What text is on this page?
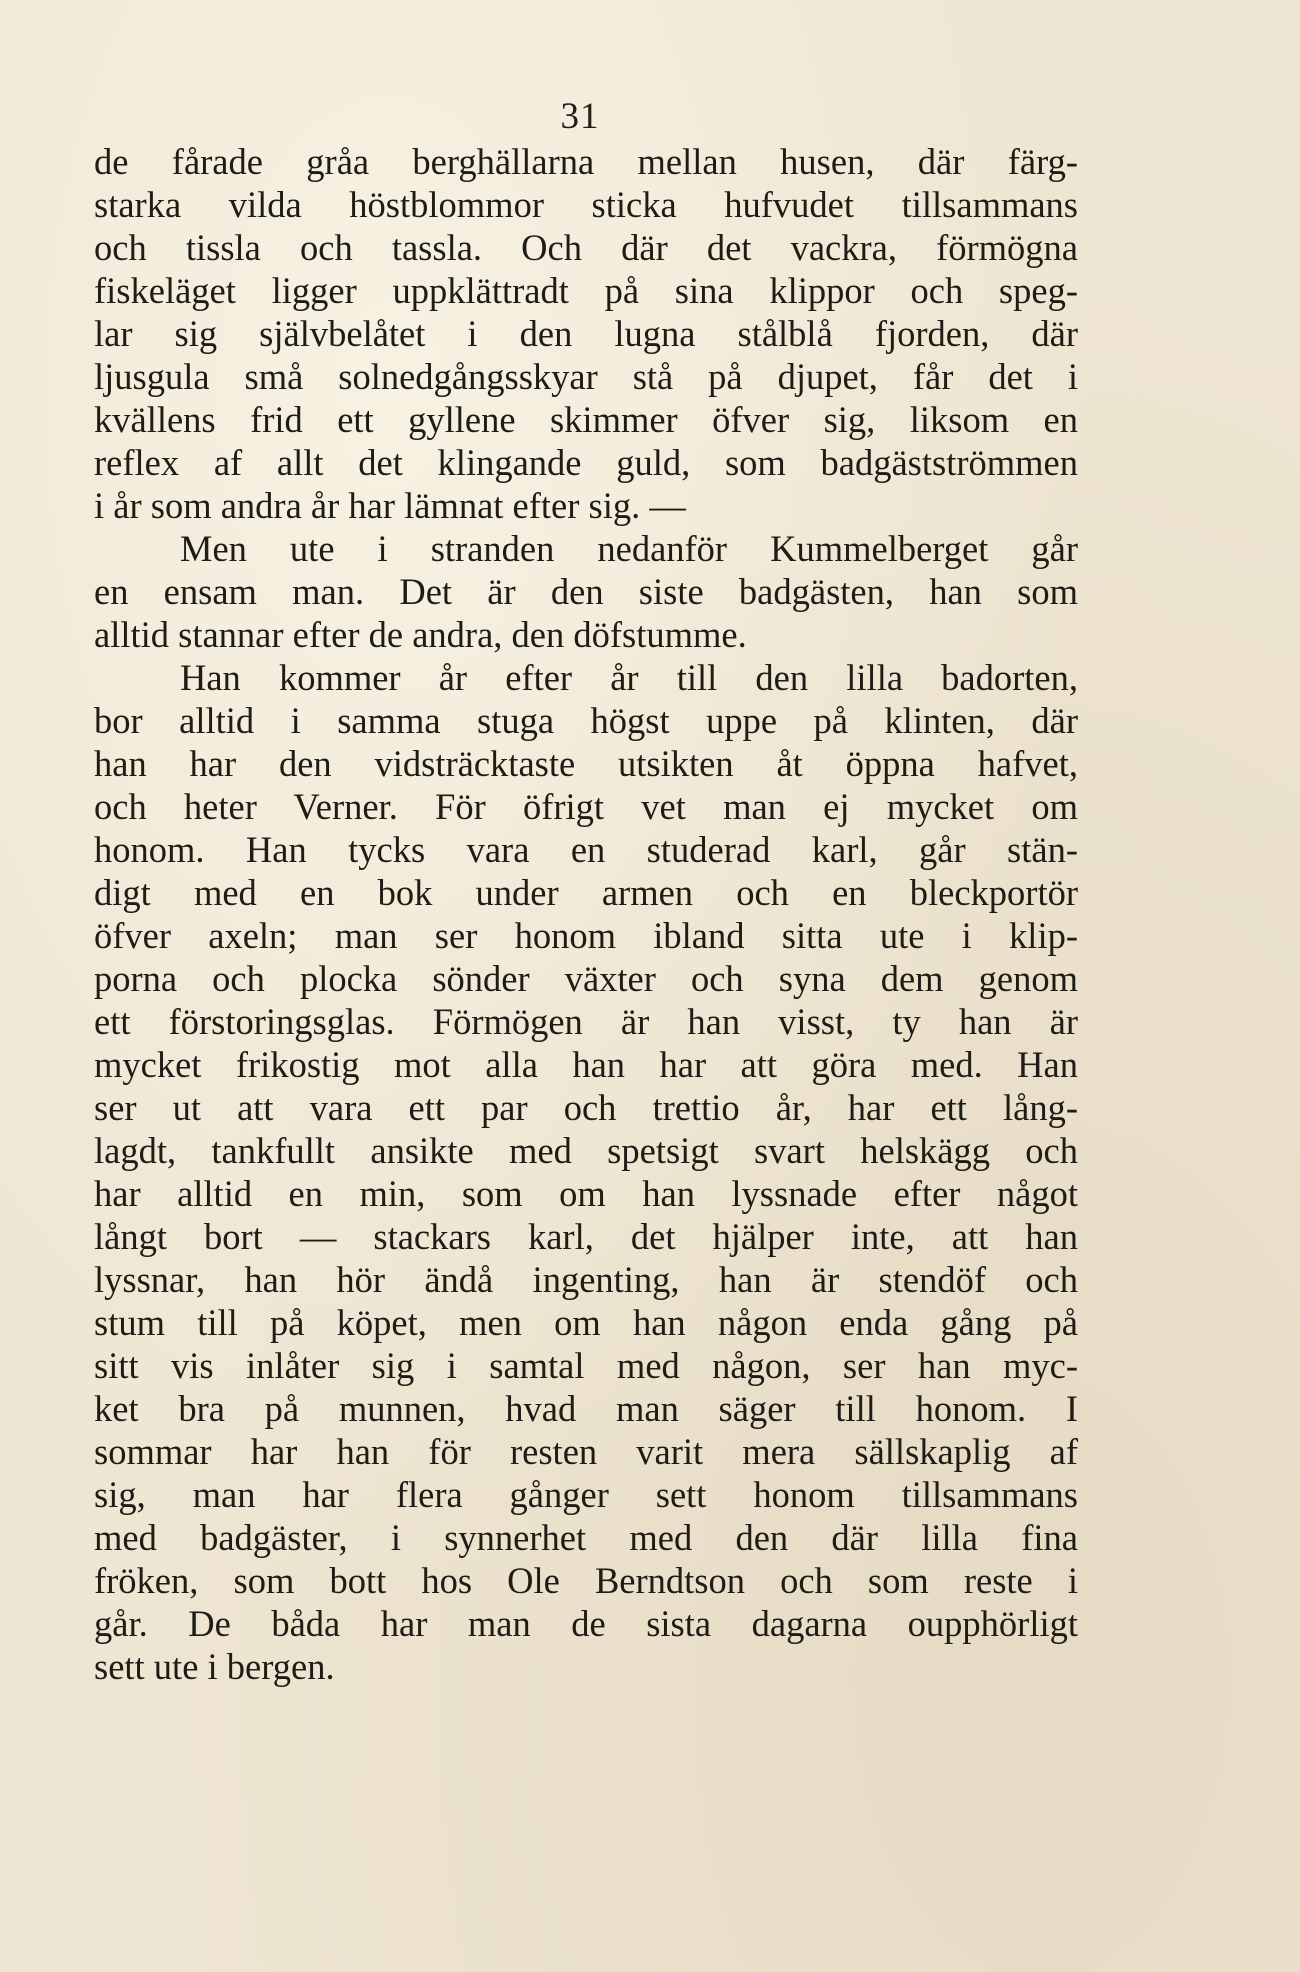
31
de fårade gråa berghällarna mellan husen, där färg-
starka vilda höstblommor sticka hufvudet tillsammans
och tissla och tassla. Och där det vackra, förmögna
fiskeläget ligger uppklättradt på sina klippor och speg-
lar sig självbelåtet i den lugna stålblå fjorden, där
ljusgula små solnedgångsskyar stå på djupet, får det i
kvällens frid ett gyllene skimmer öfver sig, liksom en
reflex af allt det klingande guld, som badgästströmmen
i år som andra år har lämnat efter sig. —
Men ute i stranden nedanför Kummelberget går
en ensam man. Det är den siste badgästen, han som
alltid stannar efter de andra, den döfstumme.
Han kommer år efter år till den lilla badorten,
bor alltid i samma stuga högst uppe på klinten, där
han har den vidsträcktaste utsikten åt öppna hafvet,
och heter Verner. För öfrigt vet man ej mycket om
honom. Han tycks vara en studerad karl, går stän-
digt med en bok under armen och en bleckportör
öfver axeln; man ser honom ibland sitta ute i klip-
porna och plocka sönder växter och syna dem genom
ett förstoringsglas. Förmögen är han visst, ty han är
mycket frikostig mot alla han har att göra med. Han
ser ut att vara ett par och trettio år, har ett lång-
lagdt, tankfullt ansikte med spetsigt svart helskägg och
har alltid en min, som om han lyssnade efter något
långt bort — stackars karl, det hjälper inte, att han
lyssnar, han hör ändå ingenting, han är stendöf och
stum till på köpet, men om han någon enda gång på
sitt vis inlåter sig i samtal med någon, ser han myc-
ket bra på munnen, hvad man säger till honom. I
sommar har han för resten varit mera sällskaplig af
sig, man har flera gånger sett honom tillsammans
med badgäster, i synnerhet med den där lilla fina
fröken, som bott hos Ole Berndtson och som reste i
går. De båda har man de sista dagarna oupphörligt
sett ute i bergen.
